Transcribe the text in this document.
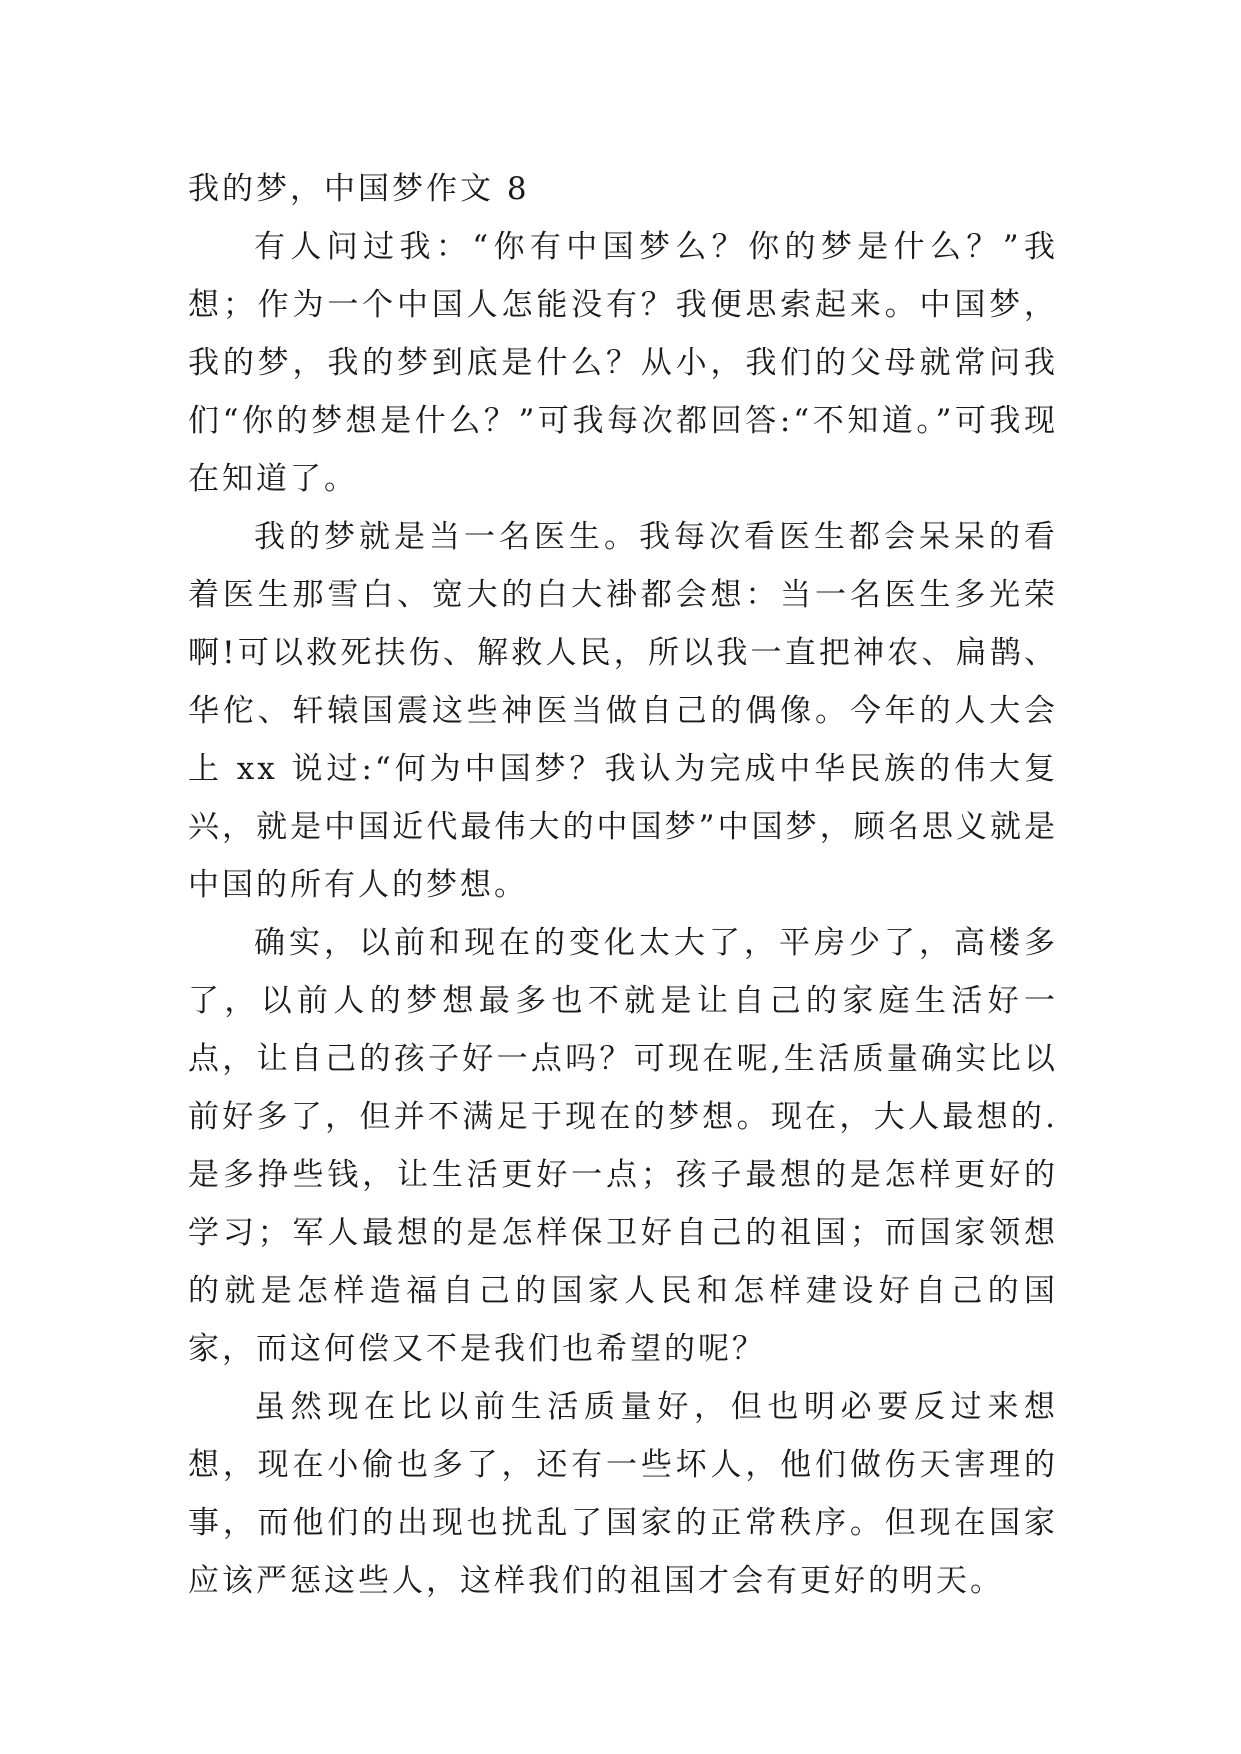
我的梦，中国梦作文 8

有人问过我：“你有中国梦么？你的梦是什么？”我想；作为一个中国人怎能没有？我便思索起来。中国梦，我的梦，我的梦到底是什么？从小，我们的父母就常问我们“你的梦想是什么？”可我每次都回答:“不知道。”可我现在知道了。

我的梦就是当一名医生。我每次看医生都会呆呆的看着医生那雪白、宽大的白大褂都会想：当一名医生多光荣啊!可以救死扶伤、解救人民，所以我一直把神农、扁鹊、华佗、轩辕国震这些神医当做自己的偶像。今年的人大会上 xx 说过:“何为中国梦？我认为完成中华民族的伟大复兴，就是中国近代最伟大的中国梦”中国梦，顾名思义就是中国的所有人的梦想。

确实，以前和现在的变化太大了，平房少了，高楼多了，以前人的梦想最多也不就是让自己的家庭生活好一点，让自己的孩子好一点吗？可现在呢,生活质量确实比以前好多了，但并不满足于现在的梦想。现在，大人最想的.是多挣些钱，让生活更好一点；孩子最想的是怎样更好的学习；军人最想的是怎样保卫好自己的祖国；而国家领想的就是怎样造福自己的国家人民和怎样建设好自己的国家，而这何偿又不是我们也希望的呢？

虽然现在比以前生活质量好，但也明必要反过来想想，现在小偷也多了，还有一些坏人，他们做伤天害理的事，而他们的出现也扰乱了国家的正常秩序。但现在国家应该严惩这些人，这样我们的祖国才会有更好的明天。
